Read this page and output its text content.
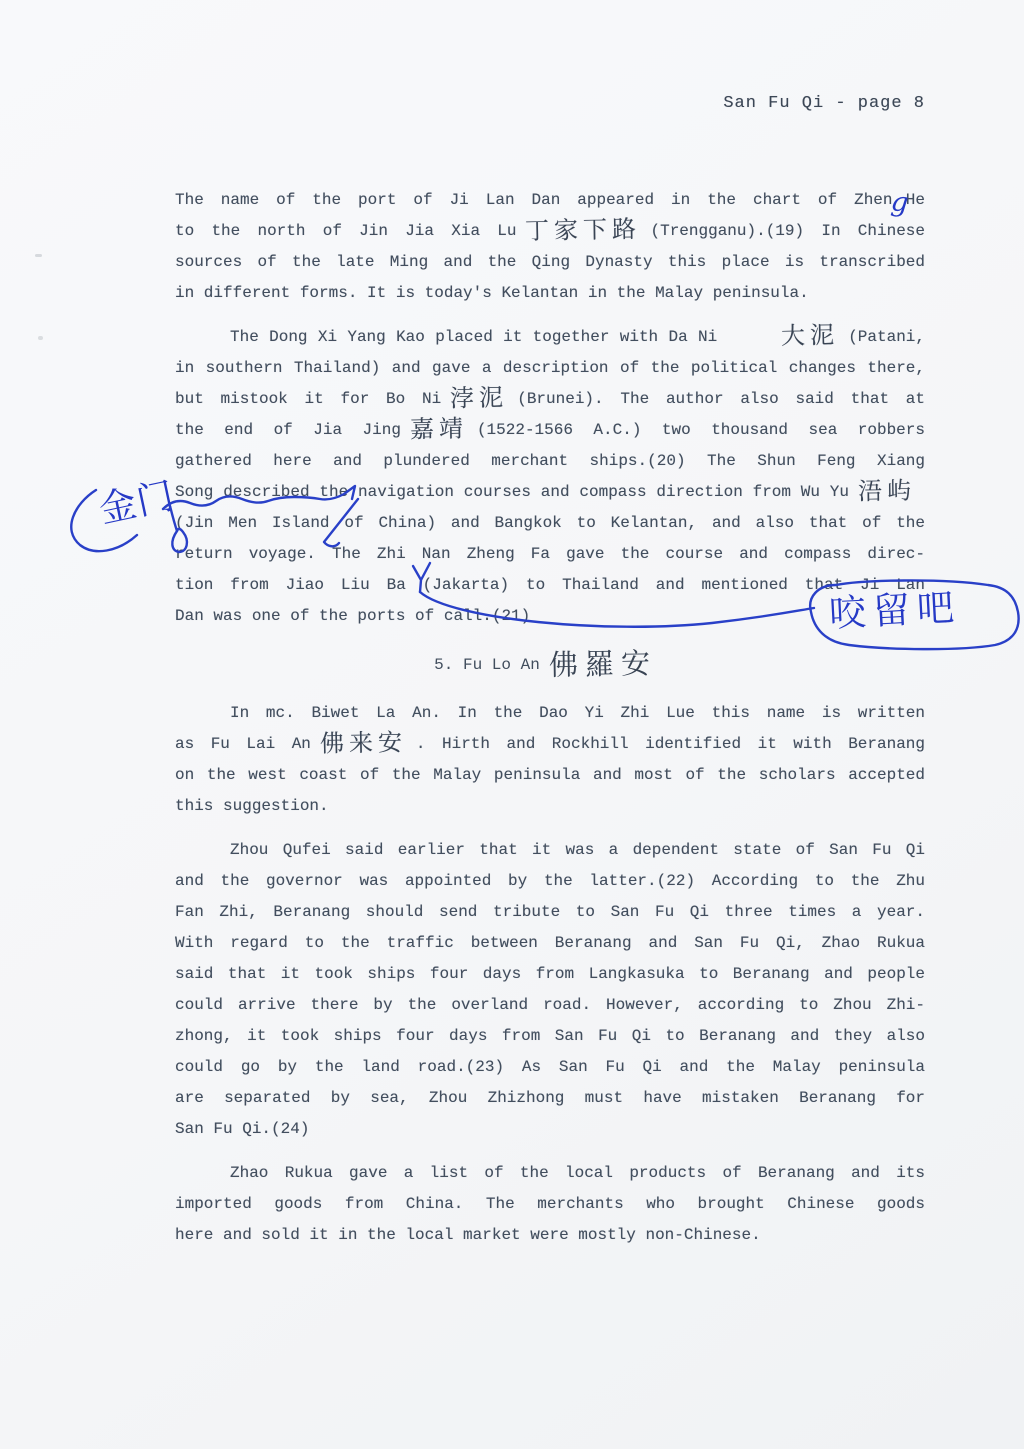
San Fu Qi - page 8
The name of the port of Ji Lan Dan appeared in the chart of ZhengHe
to the north of Jin Jia Xia Lu 丁家下路 (Trengganu).(19) In Chinese
sources of the late Ming and the Qing Dynasty this place is transcribed
in different forms. It is today's Kelantan in the Malay peninsula.
The Dong Xi Yang Kao placed it together with Da Ni	大泥 (Patani,
in southern Thailand) and gave a description of the political changes there,
but mistook it for Bo Ni 浡泥 (Brunei). The author also said that at
the end of Jia Jing 嘉靖 (1522-1566 A.C.) two thousand sea robbers
gathered here and plundered merchant ships.(20) The Shun Feng Xiang
Song described the navigation courses and compass direction from Wu Yu 浯屿
(Jin Men Island of China) and Bangkok to Kelantan, and also that of the
return voyage. The Zhi Nan Zheng Fa gave the course and compass direc-
tion from Jiao Liu Ba (Jakarta) to Thailand and mentioned that Ji Lan
Dan was one of the ports of call.(21)
5. Fu Lo An 佛羅安
In mc. Biwet La An. In the Dao Yi Zhi Lue this name is written
as Fu Lai An 佛来安 . Hirth and Rockhill identified it with Beranang
on the west coast of the Malay peninsula and most of the scholars accepted
this suggestion.
Zhou Qufei said earlier that it was a dependent state of San Fu Qi
and the governor was appointed by the latter.(22) According to the Zhu
Fan Zhi, Beranang should send tribute to San Fu Qi three times a year.
With regard to the traffic between Beranang and San Fu Qi, Zhao Rukua
said that it took ships four days from Langkasuka to Beranang and people
could arrive there by the overland road. However, according to Zhou Zhi-
zhong, it took ships four days from San Fu Qi to Beranang and they also
could go by the land road.(23) As San Fu Qi and the Malay peninsula
are separated by sea, Zhou Zhizhong must have mistaken Beranang for
San Fu Qi.(24)
Zhao Rukua gave a list of the local products of Beranang and its
imported goods from China. The merchants who brought Chinese goods
here and sold it in the local market were mostly non-Chinese.
金门
咬留吧
